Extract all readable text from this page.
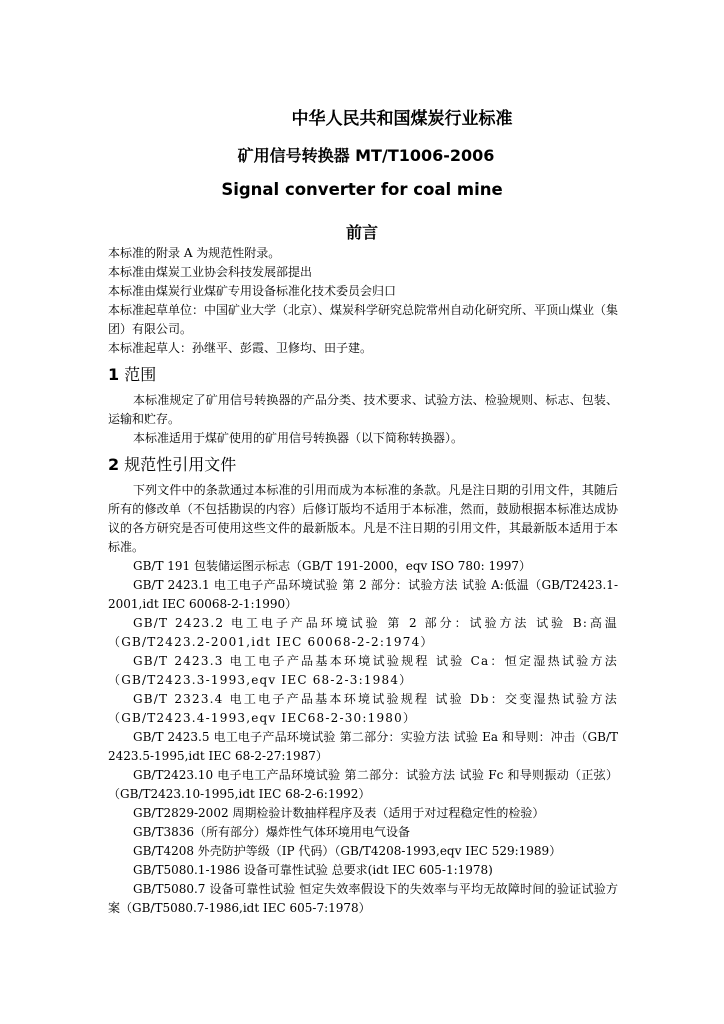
中华人民共和国煤炭行业标准
矿用信号转换器 MT/T1006-2006
Signal converter for coal mine
前言

本标准的附录 A 为规范性附录。

本标准由煤炭工业协会科技发展部提出

本标准由煤炭行业煤矿专用设备标准化技术委员会归口

本标准起草单位：中国矿业大学（北京）、煤炭科学研究总院常州自动化研究所、平顶山煤业（集团）有限公司。

本标准起草人：孙继平、彭霞、卫修均、田子建。

1 范围

本标准规定了矿用信号转换器的产品分类、技术要求、试验方法、检验规则、标志、包装、运输和贮存。

本标准适用于煤矿使用的矿用信号转换器（以下简称转换器）。

2 规范性引用文件

下列文件中的条款通过本标准的引用而成为本标准的条款。凡是注日期的引用文件，其随后所有的修改单（不包括勘误的内容）后修订版均不适用于本标准，然而，鼓励根据本标准达成协议的各方研究是否可使用这些文件的最新版本。凡是不注日期的引用文件，其最新版本适用于本标准。

GB/T 191 包装储运图示标志（GB/T 191-2000，eqv ISO 780: 1997）

GB/T 2423.1 电工电子产品环境试验 第 2 部分：试验方法 试验 A:低温（GB/T2423.1-2001,idt IEC 60068-2-1:1990）

GB/T 2423.2 电工电子产品环境试验 第 2 部分：试验方法 试验 B:高温（GB/T2423.2-2001,idt IEC 60068-2-2:1974）

GB/T 2423.3 电工电子产品基本环境试验规程 试验 Ca：恒定湿热试验方法（GB/T2423.3-1993,eqv IEC 68-2-3:1984）

GB/T 2323.4 电工电子产品基本环境试验规程 试验 Db：交变湿热试验方法（GB/T2423.4-1993,eqv IEC68-2-30:1980）

GB/T 2423.5 电工电子产品环境试验 第二部分：实验方法 试验 Ea 和导则：冲击（GB/T 2423.5-1995,idt IEC 68-2-27:1987）

GB/T2423.10 电子电工产品环境试验 第二部分：试验方法 试验 Fc 和导则振动（正弦）（GB/T2423.10-1995,idt IEC 68-2-6:1992）

GB/T2829-2002 周期检验计数抽样程序及表（适用于对过程稳定性的检验）

GB/T3836（所有部分）爆炸性气体环境用电气设备

GB/T4208 外壳防护等级（IP 代码）（GB/T4208-1993,eqv IEC 529:1989）

GB/T5080.1-1986 设备可靠性试验 总要求(idt IEC 605-1:1978)

GB/T5080.7 设备可靠性试验 恒定失效率假设下的失效率与平均无故障时间的验证试验方案（GB/T5080.7-1986,idt IEC 605-7:1978）
